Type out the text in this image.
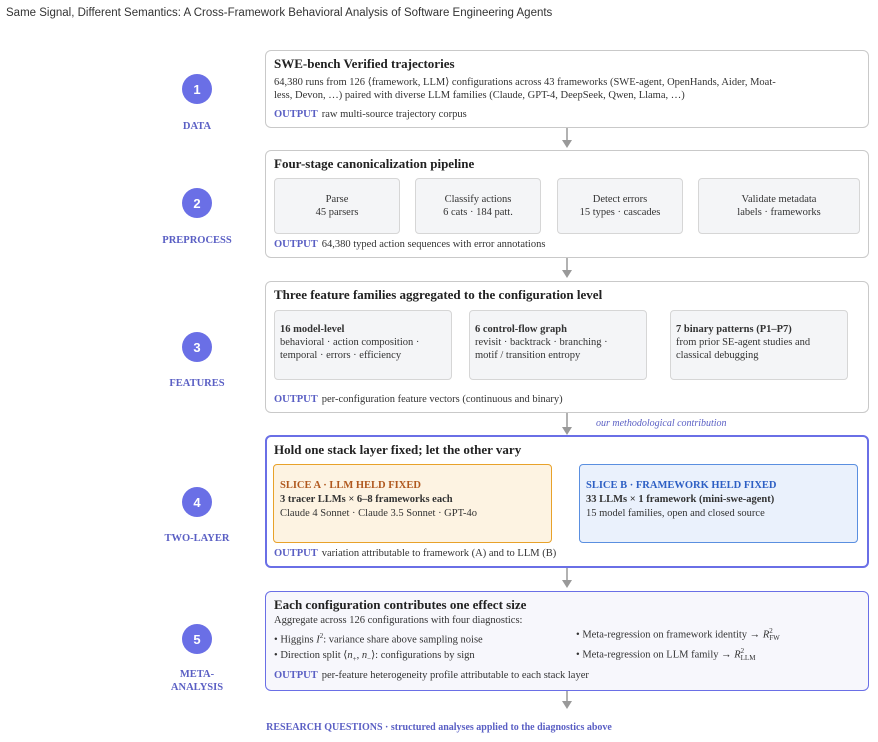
Same Signal, Different Semantics: A Cross-Framework Behavioral Analysis of Software Engineering Agents
1
DATA
2
PREPROCESS
3
FEATURES
4
TWO-LAYER
5
META-ANALYSIS
SWE-bench Verified trajectories
64,380 runs from 126 ⟨framework, LLM⟩ configurations across 43 frameworks (SWE-agent, OpenHands, Aider, Moat-
less, Devon, …) paired with diverse LLM families (Claude, GPT-4, DeepSeek, Qwen, Llama, …)
OUTPUT raw multi-source trajectory corpus
Four-stage canonicalization pipeline
Parse
45 parsers
Classify actions
6 cats · 184 patt.
Detect errors
15 types · cascades
Validate metadata
labels · frameworks
OUTPUT 64,380 typed action sequences with error annotations
Three feature families aggregated to the configuration level
16 model-level
behavioral · action composition ·
temporal · errors · efficiency
6 control-flow graph
revisit · backtrack · branching ·
motif / transition entropy
7 binary patterns (P1–P7)
from prior SE-agent studies and
classical debugging
OUTPUT per-configuration feature vectors (continuous and binary)
our methodological contribution
Hold one stack layer fixed; let the other vary
SLICE A · LLM HELD FIXED
3 tracer LLMs × 6–8 frameworks each
Claude 4 Sonnet · Claude 3.5 Sonnet · GPT-4o
SLICE B · FRAMEWORK HELD FIXED
33 LLMs × 1 framework (mini-swe-agent)
15 model families, open and closed source
OUTPUT variation attributable to framework (A) and to LLM (B)
Each configuration contributes one effect size
Aggregate across 126 configurations with four diagnostics:
• Higgins $I^2$: variance share above sampling noise
• Direction split $⟨n_+$, $n_-⟩$: configurations by sign
• Meta-regression on framework identity → R 2
FW
• Meta-regression on LLM family → R 2
LLM
OUTPUT per-feature heterogeneity profile attributable to each stack layer
RESEARCH QUESTIONS · structured analyses applied to the diagnostics above
